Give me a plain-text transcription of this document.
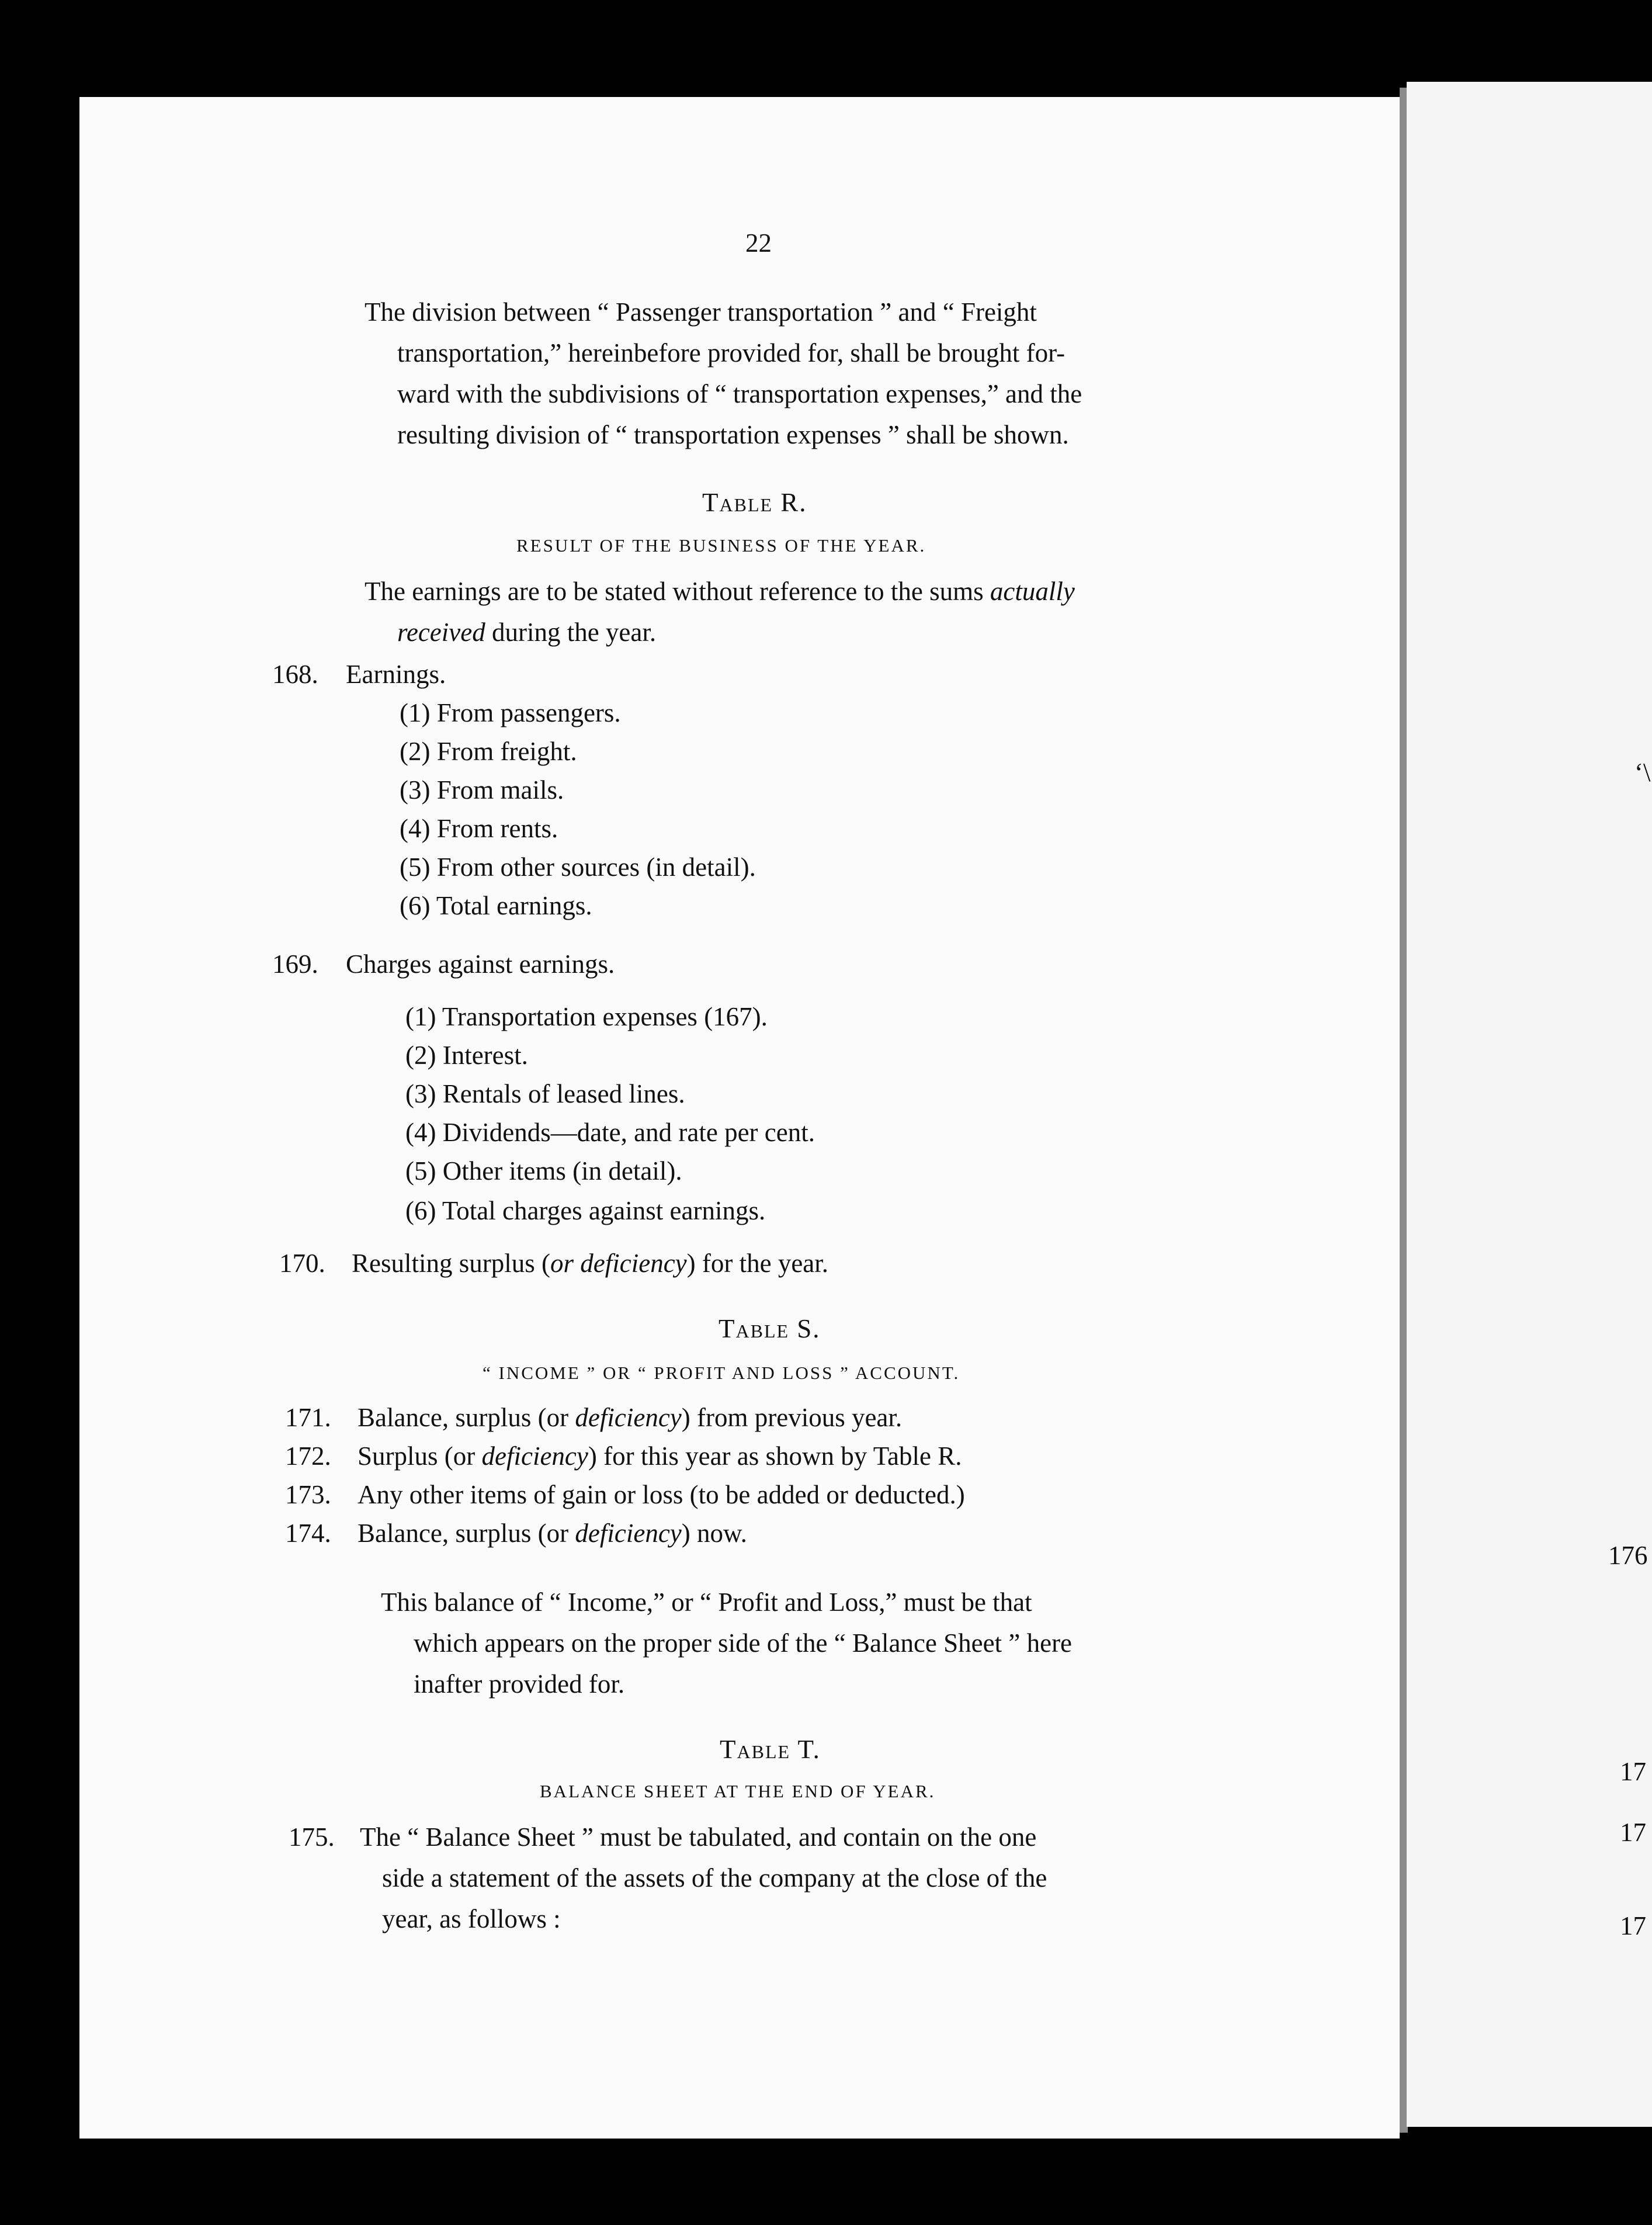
‘\
176
17
17
17
22
The division between “ Passenger transportation ” and “ Freight
transportation,” hereinbefore provided for, shall be brought for-
ward with the subdivisions of “ transportation expenses,” and the
resulting division of “ transportation expenses ” shall be shown.
Table R.
RESULT OF THE BUSINESS OF THE YEAR.
The earnings are to be stated without reference to the sums actually
received during the year.
168. Earnings.
(1) From passengers.
(2) From freight.
(3) From mails.
(4) From rents.
(5) From other sources (in detail).
(6) Total earnings.
169. Charges against earnings.
(1) Transportation expenses (167).
(2) Interest.
(3) Rentals of leased lines.
(4) Dividends—date, and rate per cent.
(5) Other items (in detail).
(6) Total charges against earnings.
170. Resulting surplus (or deficiency) for the year.
Table S.
“ INCOME ” OR “ PROFIT AND LOSS ” ACCOUNT.
171. Balance, surplus (or deficiency) from previous year.
172. Surplus (or deficiency) for this year as shown by Table R.
173. Any other items of gain or loss (to be added or deducted.)
174. Balance, surplus (or deficiency) now.
This balance of “ Income,” or “ Profit and Loss,” must be that
which appears on the proper side of the “ Balance Sheet ” here
inafter provided for.
Table T.
BALANCE SHEET AT THE END OF YEAR.
175. The “ Balance Sheet ” must be tabulated, and contain on the one
side a statement of the assets of the company at the close of the
year, as follows :
